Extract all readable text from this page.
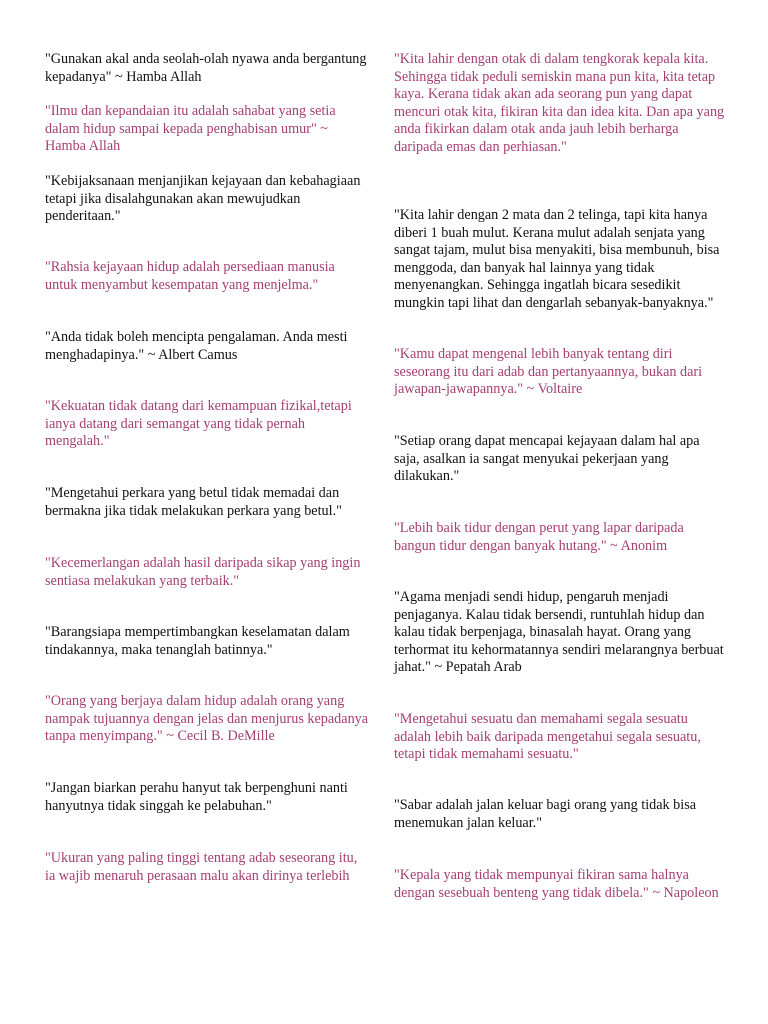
"Gunakan akal anda seolah-olah nyawa anda bergantung
kepadanya" ~ Hamba Allah

"Ilmu dan kepandaian itu adalah sahabat yang setia
dalam hidup sampai kepada penghabisan umur" ~
Hamba Allah

"Kebijaksanaan menjanjikan kejayaan dan kebahagiaan
tetapi jika disalahgunakan akan mewujudkan
penderitaan."

"Rahsia kejayaan hidup adalah persediaan manusia
untuk menyambut kesempatan yang menjelma."

"Anda tidak boleh mencipta pengalaman. Anda mesti
menghadapinya." ~ Albert Camus

"Kekuatan tidak datang dari kemampuan fizikal,tetapi
ianya datang dari semangat yang tidak pernah
mengalah."

"Mengetahui perkara yang betul tidak memadai dan
bermakna jika tidak melakukan perkara yang betul."

"Kecemerlangan adalah hasil daripada sikap yang ingin
sentiasa melakukan yang terbaik."

"Barangsiapa mempertimbangkan keselamatan dalam
tindakannya, maka tenanglah batinnya."

"Orang yang berjaya dalam hidup adalah orang yang
nampak tujuannya dengan jelas dan menjurus kepadanya
tanpa menyimpang." ~ Cecil B. DeMille

"Jangan biarkan perahu hanyut tak berpenghuni nanti
hanyutnya tidak singgah ke pelabuhan."

"Ukuran yang paling tinggi tentang adab seseorang itu,
ia wajib menaruh perasaan malu akan dirinya terlebih

"Kita lahir dengan otak di dalam tengkorak kepala kita.
Sehingga tidak peduli semiskin mana pun kita, kita tetap
kaya. Kerana tidak akan ada seorang pun yang dapat
mencuri otak kita, fikiran kita dan idea kita. Dan apa yang
anda fikirkan dalam otak anda jauh lebih berharga
daripada emas dan perhiasan."

"Kita lahir dengan 2 mata dan 2 telinga, tapi kita hanya
diberi 1 buah mulut. Kerana mulut adalah senjata yang
sangat tajam, mulut bisa menyakiti, bisa membunuh, bisa
menggoda, dan banyak hal lainnya yang tidak
menyenangkan. Sehingga ingatlah bicara sesedikit
mungkin tapi lihat dan dengarlah sebanyak-banyaknya."

"Kamu dapat mengenal lebih banyak tentang diri
seseorang itu dari adab dan pertanyaannya, bukan dari
jawapan-jawapannya." ~ Voltaire

"Setiap orang dapat mencapai kejayaan dalam hal apa
saja, asalkan ia sangat menyukai pekerjaan yang
dilakukan."

"Lebih baik tidur dengan perut yang lapar daripada
bangun tidur dengan banyak hutang." ~ Anonim

"Agama menjadi sendi hidup, pengaruh menjadi
penjaganya. Kalau tidak bersendi, runtuhlah hidup dan
kalau tidak berpenjaga, binasalah hayat. Orang yang
terhormat itu kehormatannya sendiri melarangnya berbuat
jahat." ~ Pepatah Arab

"Mengetahui sesuatu dan memahami segala sesuatu
adalah lebih baik daripada mengetahui segala sesuatu,
tetapi tidak memahami sesuatu."

"Sabar adalah jalan keluar bagi orang yang tidak bisa
menemukan jalan keluar."

"Kepala yang tidak mempunyai fikiran sama halnya
dengan sesebuah benteng yang tidak dibela." ~ Napoleon
